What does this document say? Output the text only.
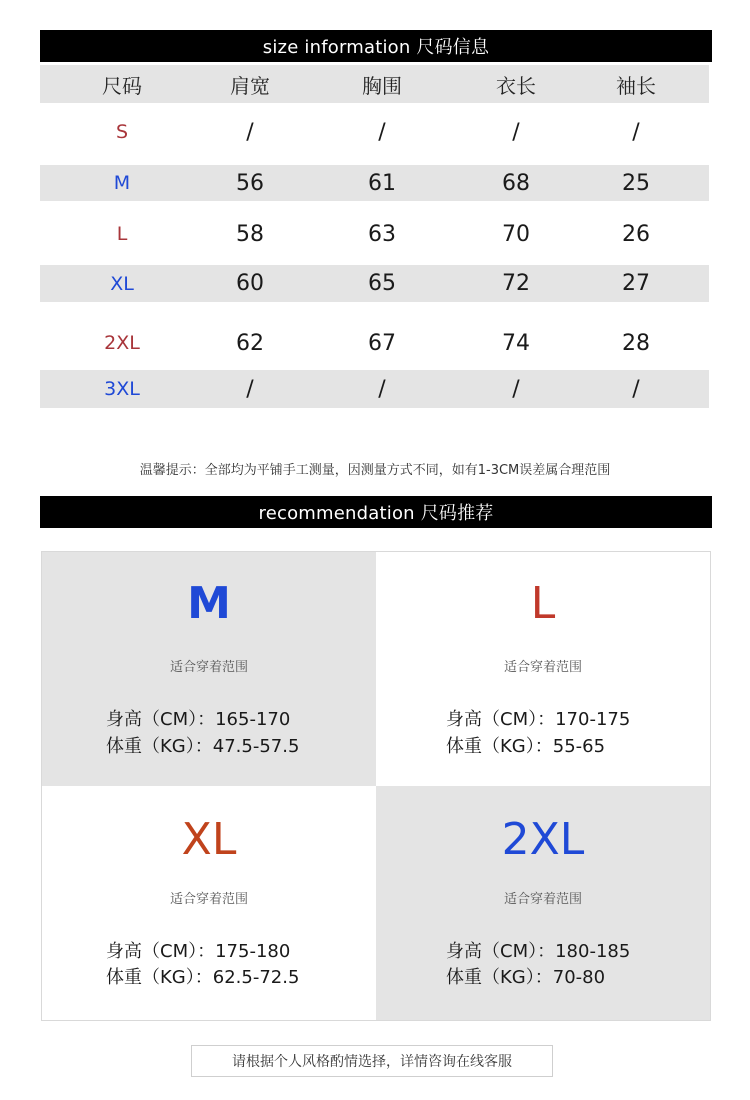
size information 尺码信息
尺码	肩宽	胸围	衣长	袖长
S	/	/	/	/
M	56	61	68	25
L	58	63	70	26
XL	60	65	72	27
2XL	62	67	74	28
3XL	/	/	/	/
温馨提示：全部均为平铺手工测量，因测量方式不同，如有1-3CM误差属合理范围
recommendation 尺码推荐
M
适合穿着范围
身高（CM）：165-170
体重（KG）：47.5-57.5
L
适合穿着范围
身高（CM）：170-175
体重（KG）：55-65
XL
适合穿着范围
身高（CM）：175-180
体重（KG）：62.5-72.5
2XL
适合穿着范围
身高（CM）：180-185
体重（KG）：70-80
请根据个人风格酌情选择，详情咨询在线客服
